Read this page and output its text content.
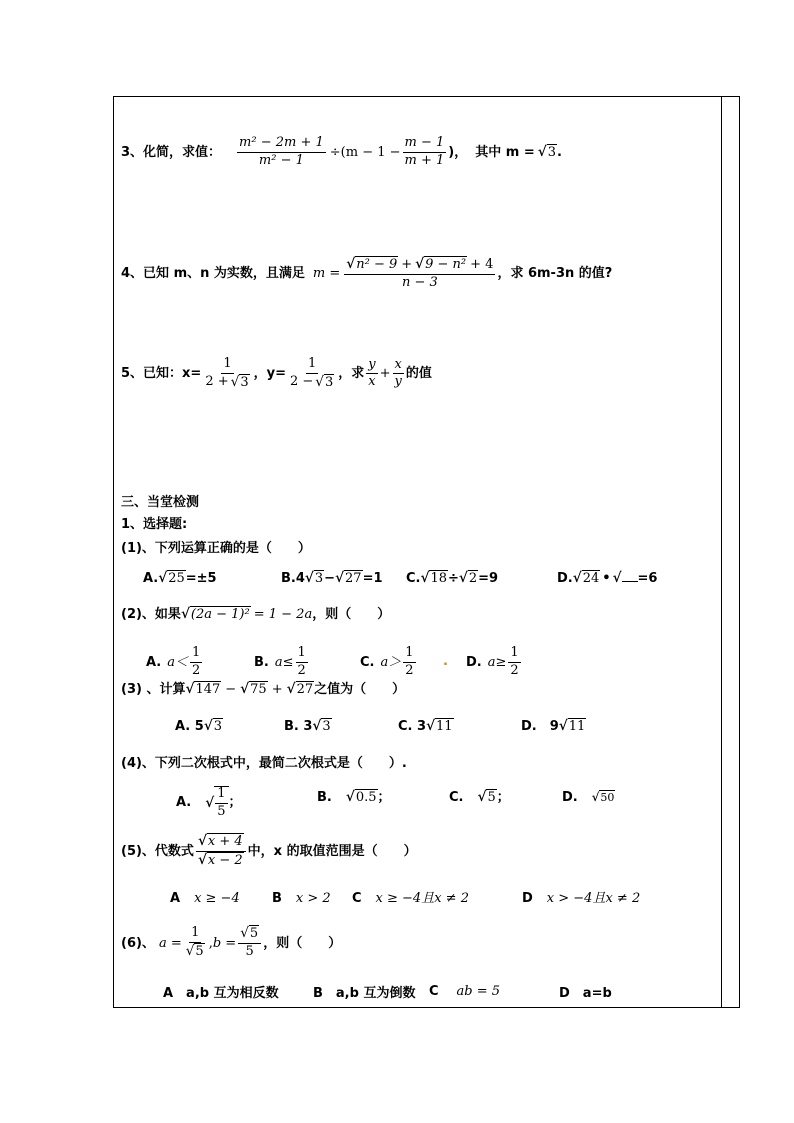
3、化简，求值： $\frac{\text{m² − 2m + 1}}{\text{m² − 1}} \div(m - 1 - \frac{m - 1}{m + 1}$ )， 其中 m = √3 .
4、已知 m、n 为实数，且满足 $m = \frac{\text{√n² − 9 + √9 − n² + 4}}{n - 3}$ ，求 6m-3n 的值?
5、已知：$x= \frac{1}{2 + √3}$ ，$y= \frac{1}{2 - √3}$ ，求 $\frac{y}{x} + \frac{x}{y}$ 的值
三、当堂检测
1、选择题:
(1)、下列运算正确的是（　　）
A. √25 =±5	B.4 √3 − √27 =1 C. √18 ÷ √2 =9	D. √24 • √	=6
(2)、如果 √(2a − 1)² = 1 − 2a ，则（　　）
A. $a< \frac{1}{2}$	B. $a\le \frac{1}{2}$	C. $a> \frac{1}{2}$ . D. $a\ge \frac{1}{2}$
(3) 、计算 √147 − √75 + √27 之值为（　　）
A. 5 √3	B. 3 √3	C. 3 √11	D.　9 √11
(4)、下列二次根式中，最简二次根式是（　　）.
A. √ $\frac{1}{5}$ ；	B. √0.5 ；	C. √5 ；	D. √50
(5)、代数式 $\frac{√x + 4}{√x - 2}$ 中，x 的取值范围是（　　）
A x ≥ −4 B x > 2 C x ≥ −4且x ≠ 2	D x > −4且x ≠ 2
(6)、 $a = \frac{1}{√5}$ , $b = \frac{√5}{5}$ ，则（　　）
A　a,b 互为相反数	B　a,b 互为倒数 C ab = 5	D　a=b
